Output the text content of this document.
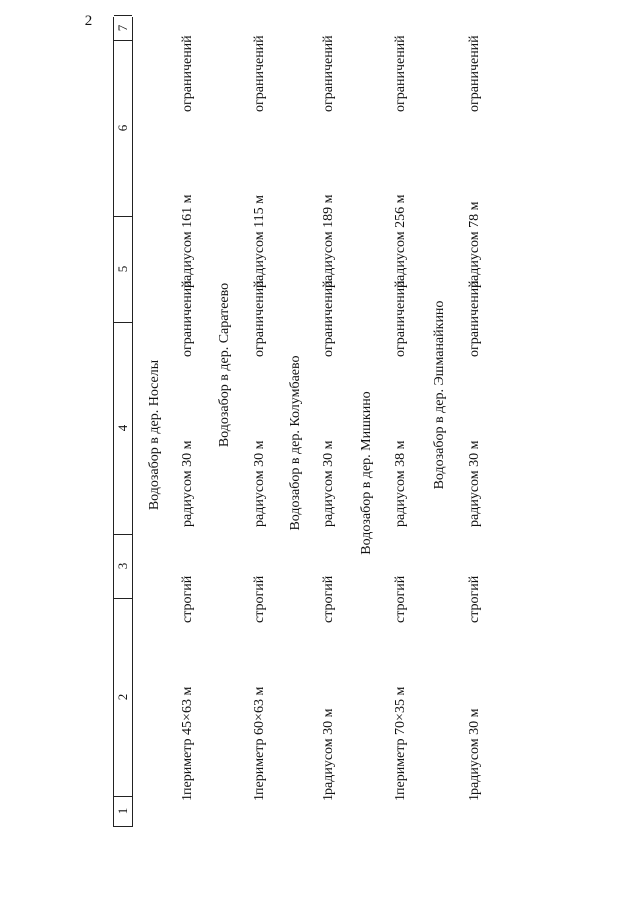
2
1
2
3
4
5
6
7
Водозабор в дер. Носелы
1
периметр 45×63 м
строгий
радиусом 30 м
ограничений
радиусом 161 м
ограничений
Водозабор в дер. Саратеево
1
периметр 60×63 м
строгий
радиусом 30 м
ограничений
радиусом 115 м
ограничений
Водозабор в дер. Колумбаево
1
радиусом 30 м
строгий
радиусом 30 м
ограничений
радиусом 189 м
ограничений
Водозабор в дер. Мишкино
1
периметр 70×35 м
строгий
радиусом 38 м
ограничений
радиусом 256 м
ограничений
Водозабор в дер. Эшманайкино
1
радиусом 30 м
строгий
радиусом 30 м
ограничений
радиусом 78 м
ограничений
